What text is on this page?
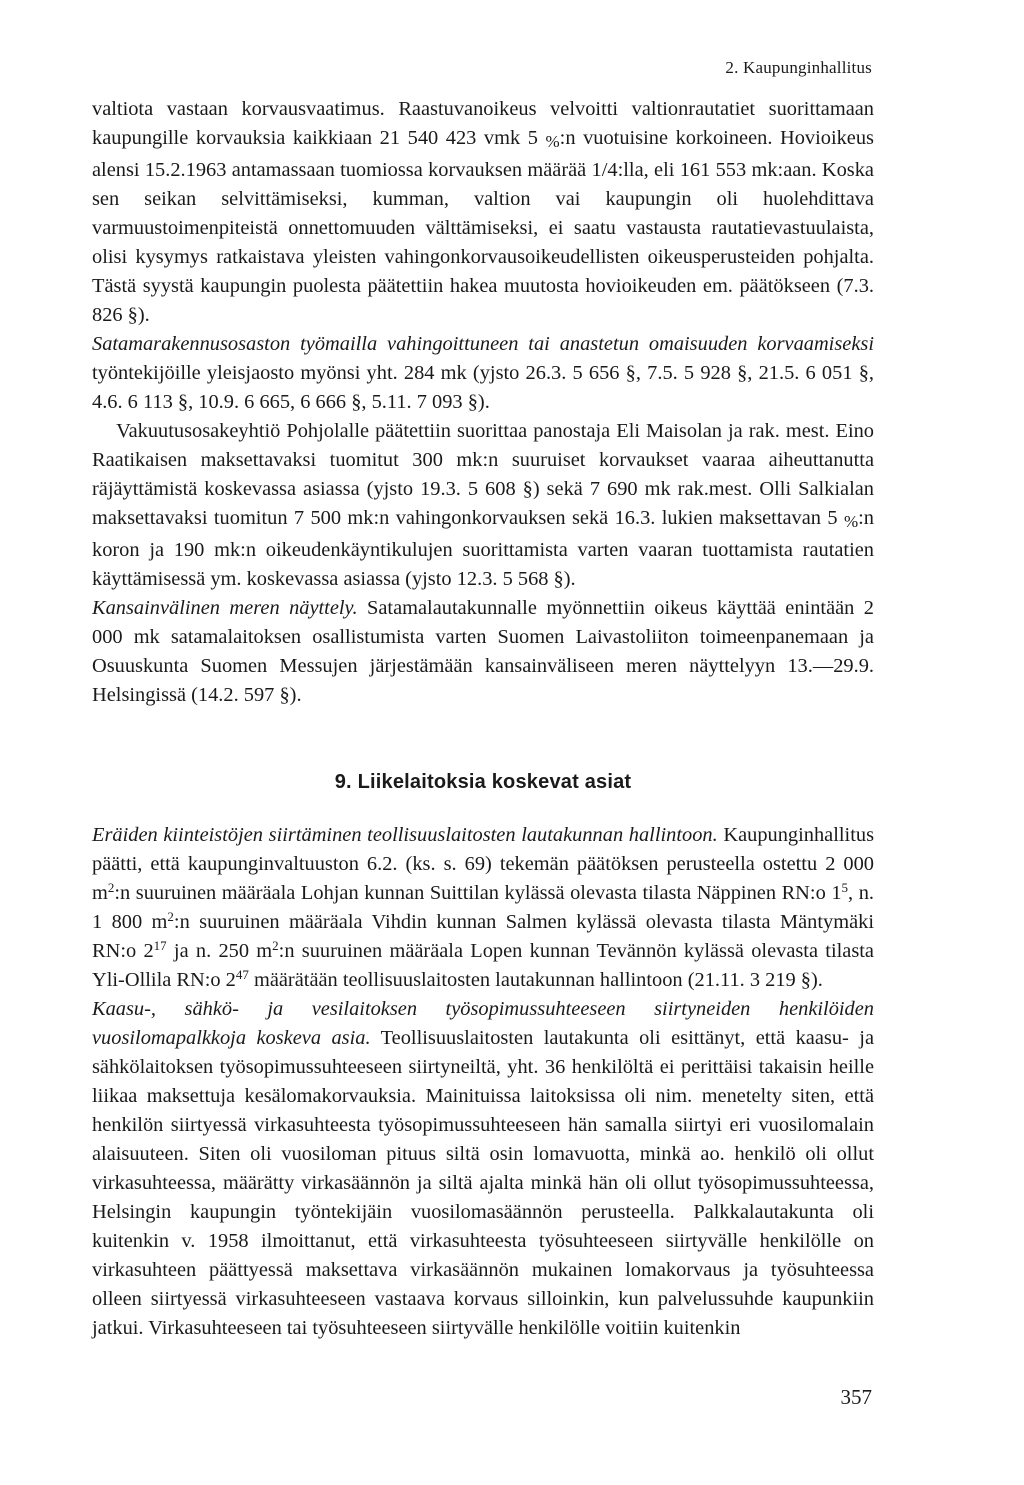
2. Kaupunginhallitus

valtiota vastaan korvausvaatimus. Raastuvanoikeus velvoitti valtionrautatiet suorittamaan kaupungille korvauksia kaikkiaan 21 540 423 vmk 5 %:n vuotuisine korkoineen. Hovioikeus alensi 15.2.1963 antamassaan tuomiossa korvauksen määrää 1/4:lla, eli 161 553 mk:aan. Koska sen seikan selvittämiseksi, kumman, valtion vai kaupungin oli huolehdittava varmuustoimenpiteistä onnettomuuden välttämiseksi, ei saatu vastausta rautatievastuulaista, olisi kysymys ratkaistava yleisten vahingonkorvausoikeudellisten oikeusperusteiden pohjalta. Tästä syystä kaupungin puolesta päätettiin hakea muutosta hovioikeuden em. päätökseen (7.3. 826 §).

Satamarakennusosaston työmailla vahingoittuneen tai anastetun omaisuuden korvaamiseksi työntekijöille yleisjaosto myönsi yht. 284 mk (yjsto 26.3. 5 656 §, 7.5. 5 928 §, 21.5. 6 051 §, 4.6. 6 113 §, 10.9. 6 665, 6 666 §, 5.11. 7 093 §).

Vakuutusosakeyhtiö Pohjolalle päätettiin suorittaa panostaja Eli Maisolan ja rak. mest. Eino Raatikaisen maksettavaksi tuomitut 300 mk:n suuruiset korvaukset vaaraa aiheuttanutta räjäyttämistä koskevassa asiassa (yjsto 19.3. 5 608 §) sekä 7 690 mk rak.mest. Olli Salkialan maksettavaksi tuomitun 7 500 mk:n vahingonkorvauksen sekä 16.3. lukien maksettavan 5 %:n koron ja 190 mk:n oikeudenkäyntikulujen suorittamista varten vaaran tuottamista rautatien käyttämisessä ym. koskevassa asiassa (yjsto 12.3. 5 568 §).

Kansainvälinen meren näyttely. Satamalautakunnalle myönnettiin oikeus käyttää enintään 2 000 mk satamalaitoksen osallistumista varten Suomen Laivastoliiton toimeenpanemaan ja Osuuskunta Suomen Messujen järjestämään kansainväliseen meren näyttelyyn 13.—29.9. Helsingissä (14.2. 597 §).

9. Liikelaitoksia koskevat asiat

Eräiden kiinteistöjen siirtäminen teollisuuslaitosten lautakunnan hallintoon. Kaupunginhallitus päätti, että kaupunginvaltuuston 6.2. (ks. s. 69) tekemän päätöksen perusteella ostettu 2 000 $m^2:n$ suuruinen määräala Lohjan kunnan Suittilan kylässä olevasta tilasta Näppinen RN:o $1^5$, n. 1 800 $m^2:n$ suuruinen määräala Vihdin kunnan Salmen kylässä olevasta tilasta Mäntymäki RN:o $2^{17}$ ja n. 250 $m^2:n$ suuruinen määräala Lopen kunnan Tevännön kylässä olevasta tilasta Yli-Ollila RN:o $2^{47}$ määrätään teollisuuslaitosten lautakunnan hallintoon (21.11. 3 219 §).

Kaasu-, sähkö- ja vesilaitoksen työsopimussuhteeseen siirtyneiden henkilöiden vuosilomapalkkoja koskeva asia. Teollisuuslaitosten lautakunta oli esittänyt, että kaasu- ja sähkölaitoksen työsopimussuhteeseen siirtyneiltä, yht. 36 henkilöltä ei perittäisi takaisin heille liikaa maksettuja kesälomakorvauksia. Mainituissa laitoksissa oli nim. menetelty siten, että henkilön siirtyessä virkasuhteesta työsopimussuhteeseen hän samalla siirtyi eri vuosilomalain alaisuuteen. Siten oli vuosiloman pituus siltä osin lomavuotta, minkä ao. henkilö oli ollut virkasuhteessa, määrätty virkasäännön ja siltä ajalta minkä hän oli ollut työsopimussuhteessa, Helsingin kaupungin työntekijäin vuosilomasäännön perusteella. Palkkalautakunta oli kuitenkin v. 1958 ilmoittanut, että virkasuhteesta työsuhteeseen siirtyvälle henkilölle on virkasuhteen päättyessä maksettava virkasäännön mukainen lomakorvaus ja työsuhteessa olleen siirtyessä virkasuhteeseen vastaava korvaus silloinkin, kun palvelussuhde kaupunkiin jatkui. Virkasuhteeseen tai työsuhteeseen siirtyvälle henkilölle voitiin kuitenkin

357
